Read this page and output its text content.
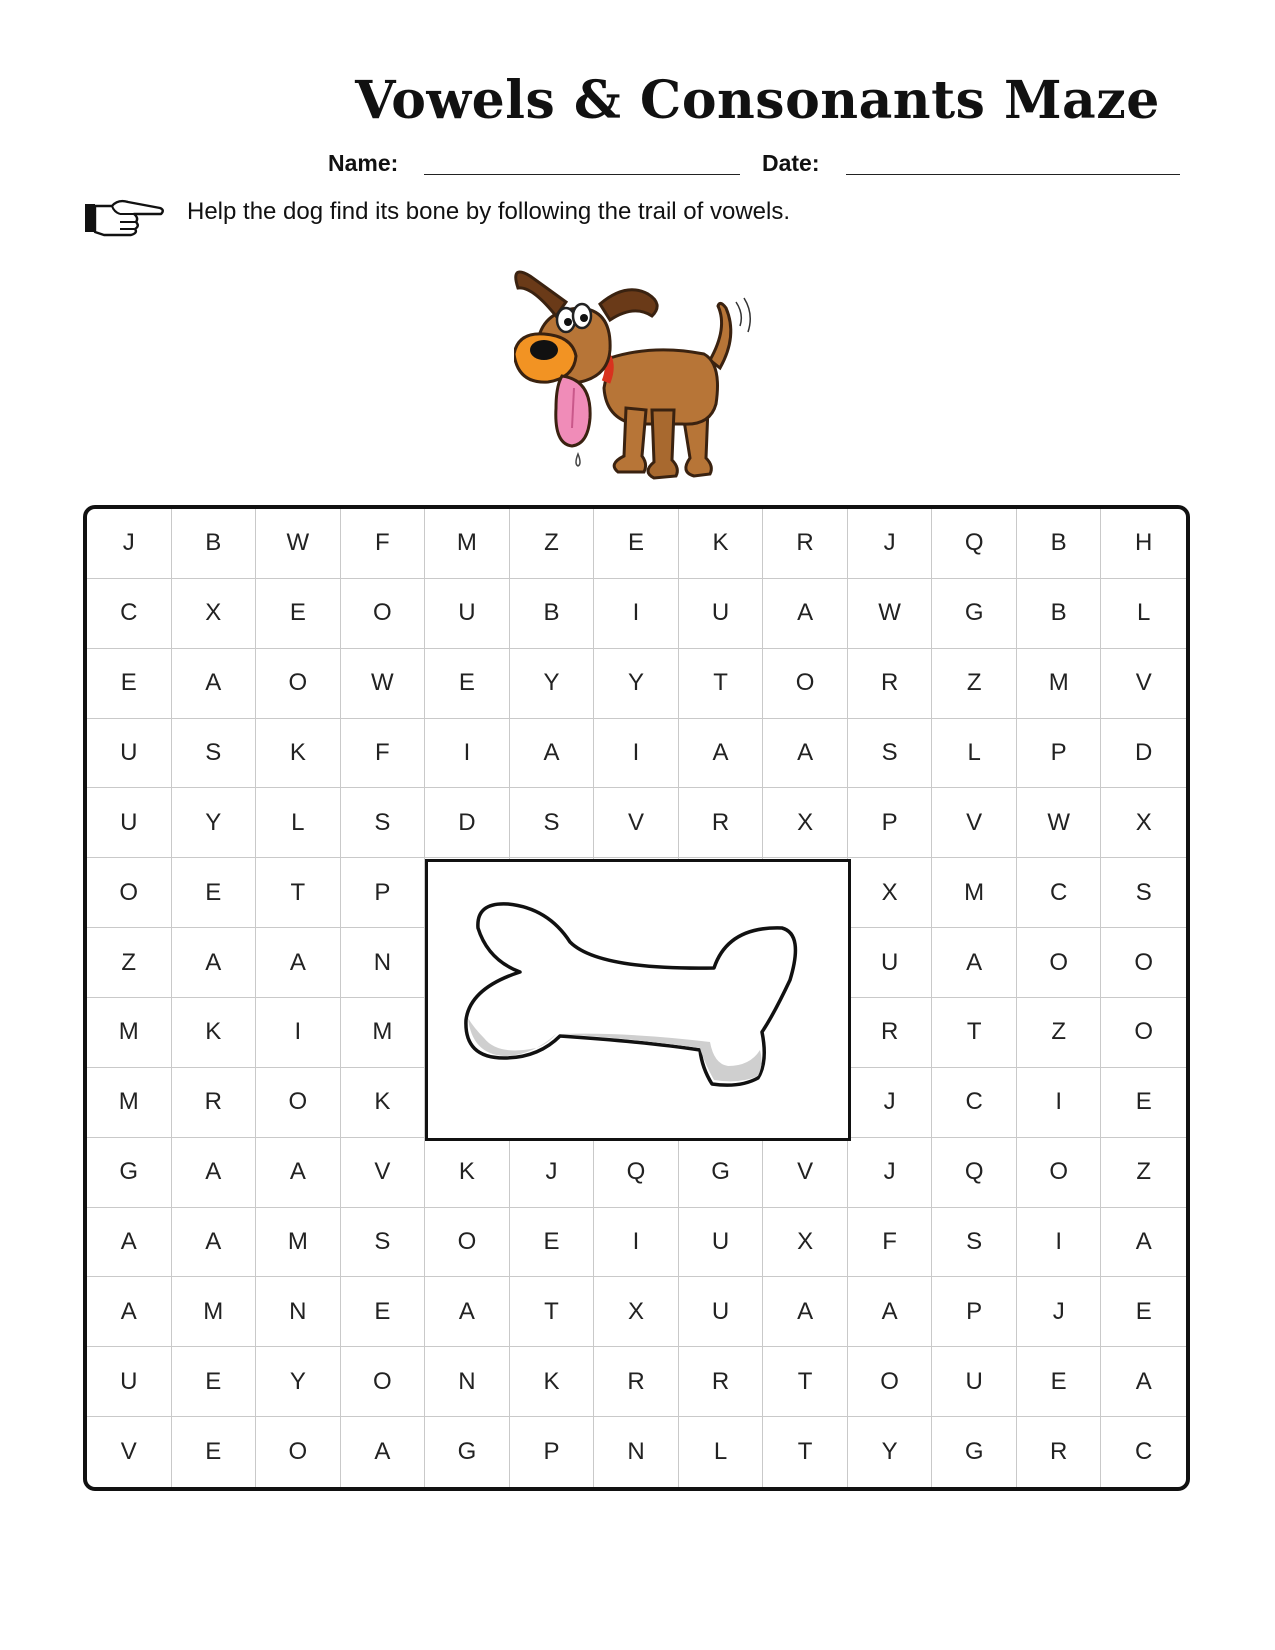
Vowels & Consonants Maze
Name:	Date:
Help the dog find its bone by following the trail of vowels.
J	B	W	F	M	Z	E	K	R	J	Q	B	H
C	X	E	O	U	B	I	U	A	W	G	B	L
E	A	O	W	E	Y	Y	T	O	R	Z	M	V
U	S	K	F	I	A	I	A	A	S	L	P	D
U	Y	L	S	D	S	V	R	X	P	V	W	X
O	E	T	P	X	M	C	S
Z	A	A	N	U	A	O	O
M	K	I	M	R	T	Z	O
M	R	O	K	J	C	I	E
G	A	A	V	K	J	Q	G	V	J	Q	O	Z
A	A	M	S	O	E	I	U	X	F	S	I	A
A	M	N	E	A	T	X	U	A	A	P	J	E
U	E	Y	O	N	K	R	R	T	O	U	E	A
V	E	O	A	G	P	N	L	T	Y	G	R	C
